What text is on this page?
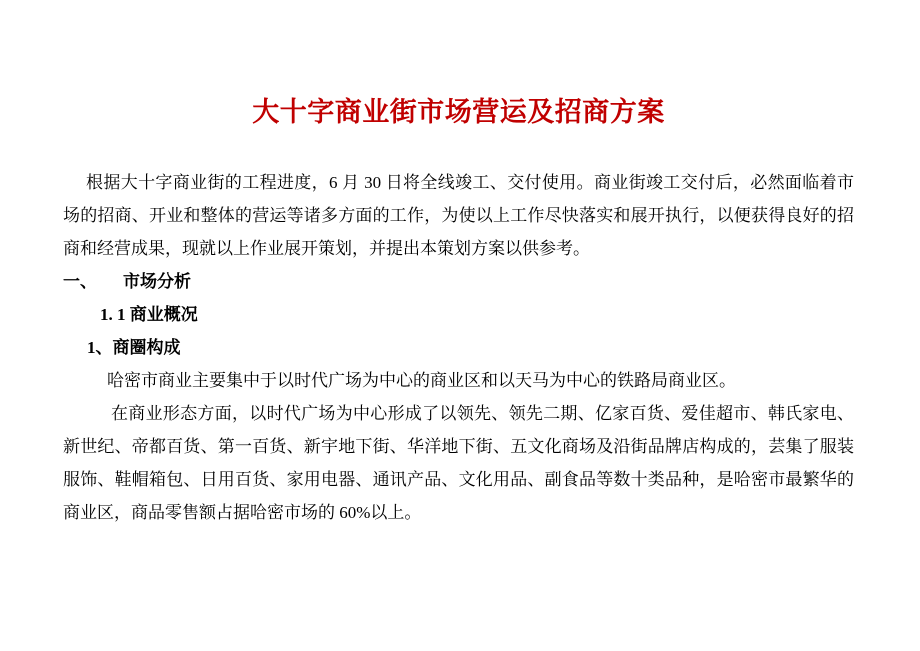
大十字商业街市场营运及招商方案

根据大十字商业街的工程进度，6 月 30 日将全线竣工、交付使用。商业街竣工交付后，必然面临着市场的招商、开业和整体的营运等诸多方面的工作，为使以上工作尽快落实和展开执行，以便获得良好的招商和经营成果，现就以上作业展开策划，并提出本策划方案以供参考。

一、 市场分析

1. 1 商业概况

1、商圈构成

哈密市商业主要集中于以时代广场为中心的商业区和以天马为中心的铁路局商业区。

在商业形态方面，以时代广场为中心形成了以领先、领先二期、亿家百货、爱佳超市、韩氏家电、新世纪、帝都百货、第一百货、新宇地下街、华洋地下街、五文化商场及沿街品牌店构成的，芸集了服装服饰、鞋帽箱包、日用百货、家用电器、通讯产品、文化用品、副食品等数十类品种，是哈密市最繁华的商业区，商品零售额占据哈密市场的 60%以上。
